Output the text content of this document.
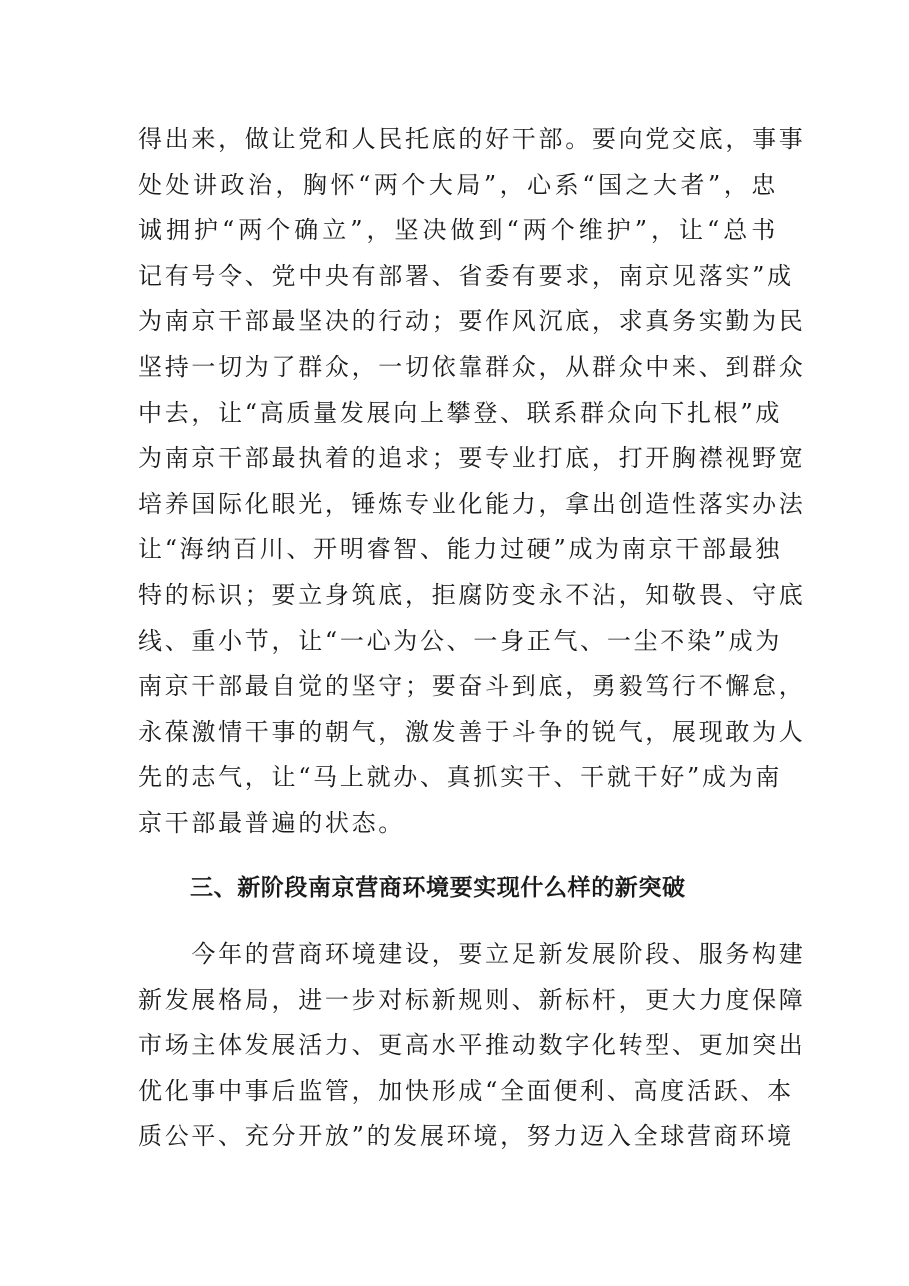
得出来，做让党和人民托底的好干部。要向党交底，事事
处处讲政治，胸怀“两个大局”，心系“国之大者”，忠
诚拥护“两个确立”，坚决做到“两个维护”，让“总书
记有号令、党中央有部署、省委有要求，南京见落实”成
为南京干部最坚决的行动；要作风沉底，求真务实勤为民
坚持一切为了群众，一切依靠群众，从群众中来、到群众
中去，让“高质量发展向上攀登、联系群众向下扎根”成
为南京干部最执着的追求；要专业打底，打开胸襟视野宽
培养国际化眼光，锤炼专业化能力，拿出创造性落实办法
让“海纳百川、开明睿智、能力过硬”成为南京干部最独
特的标识；要立身筑底，拒腐防变永不沾，知敬畏、守底
线、重小节，让“一心为公、一身正气、一尘不染”成为
南京干部最自觉的坚守；要奋斗到底，勇毅笃行不懈怠，
永葆激情干事的朝气，激发善于斗争的锐气，展现敢为人
先的志气，让“马上就办、真抓实干、干就干好”成为南
京干部最普遍的状态。
三、新阶段南京营商环境要实现什么样的新突破
　　今年的营商环境建设，要立足新发展阶段、服务构建
新发展格局，进一步对标新规则、新标杆，更大力度保障
市场主体发展活力、更高水平推动数字化转型、更加突出
优化事中事后监管，加快形成“全面便利、高度活跃、本
质公平、充分开放”的发展环境，努力迈入全球营商环境
